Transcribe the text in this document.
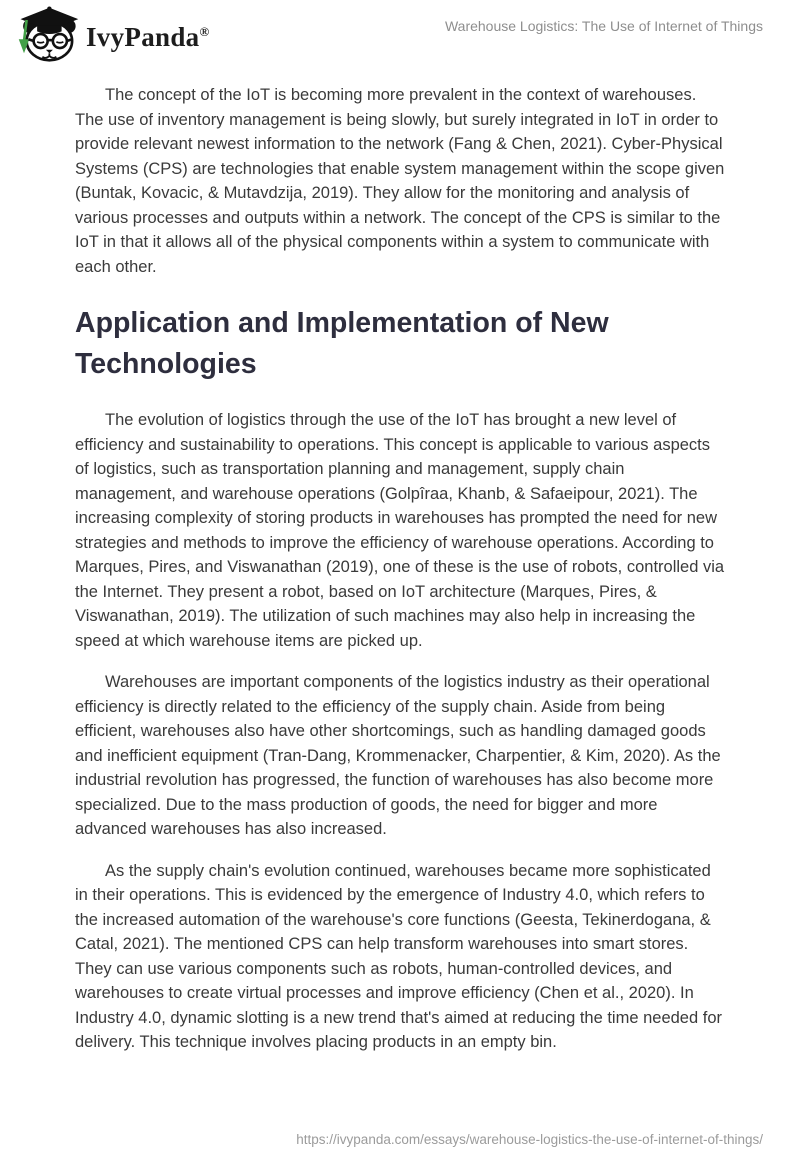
IvyPanda®	Warehouse Logistics: The Use of Internet of Things

The concept of the IoT is becoming more prevalent in the context of warehouses. The use of inventory management is being slowly, but surely integrated in IoT in order to provide relevant newest information to the network (Fang & Chen, 2021). Cyber-Physical Systems (CPS) are technologies that enable system management within the scope given (Buntak, Kovacic, & Mutavdzija, 2019). They allow for the monitoring and analysis of various processes and outputs within a network. The concept of the CPS is similar to the IoT in that it allows all of the physical components within a system to communicate with each other.

Application and Implementation of New Technologies

The evolution of logistics through the use of the IoT has brought a new level of efficiency and sustainability to operations. This concept is applicable to various aspects of logistics, such as transportation planning and management, supply chain management, and warehouse operations (Golpîraa, Khanb, & Safaeipour, 2021). The increasing complexity of storing products in warehouses has prompted the need for new strategies and methods to improve the efficiency of warehouse operations. According to Marques, Pires, and Viswanathan (2019), one of these is the use of robots, controlled via the Internet. They present a robot, based on IoT architecture (Marques, Pires, & Viswanathan, 2019). The utilization of such machines may also help in increasing the speed at which warehouse items are picked up.

Warehouses are important components of the logistics industry as their operational efficiency is directly related to the efficiency of the supply chain. Aside from being efficient, warehouses also have other shortcomings, such as handling damaged goods and inefficient equipment (Tran-Dang, Krommenacker, Charpentier, & Kim, 2020). As the industrial revolution has progressed, the function of warehouses has also become more specialized. Due to the mass production of goods, the need for bigger and more advanced warehouses has also increased.

As the supply chain's evolution continued, warehouses became more sophisticated in their operations. This is evidenced by the emergence of Industry 4.0, which refers to the increased automation of the warehouse's core functions (Geesta, Tekinerdogana, & Catal, 2021). The mentioned CPS can help transform warehouses into smart stores. They can use various components such as robots, human-controlled devices, and warehouses to create virtual processes and improve efficiency (Chen et al., 2020). In Industry 4.0, dynamic slotting is a new trend that's aimed at reducing the time needed for delivery. This technique involves placing products in an empty bin.

https://ivypanda.com/essays/warehouse-logistics-the-use-of-internet-of-things/
